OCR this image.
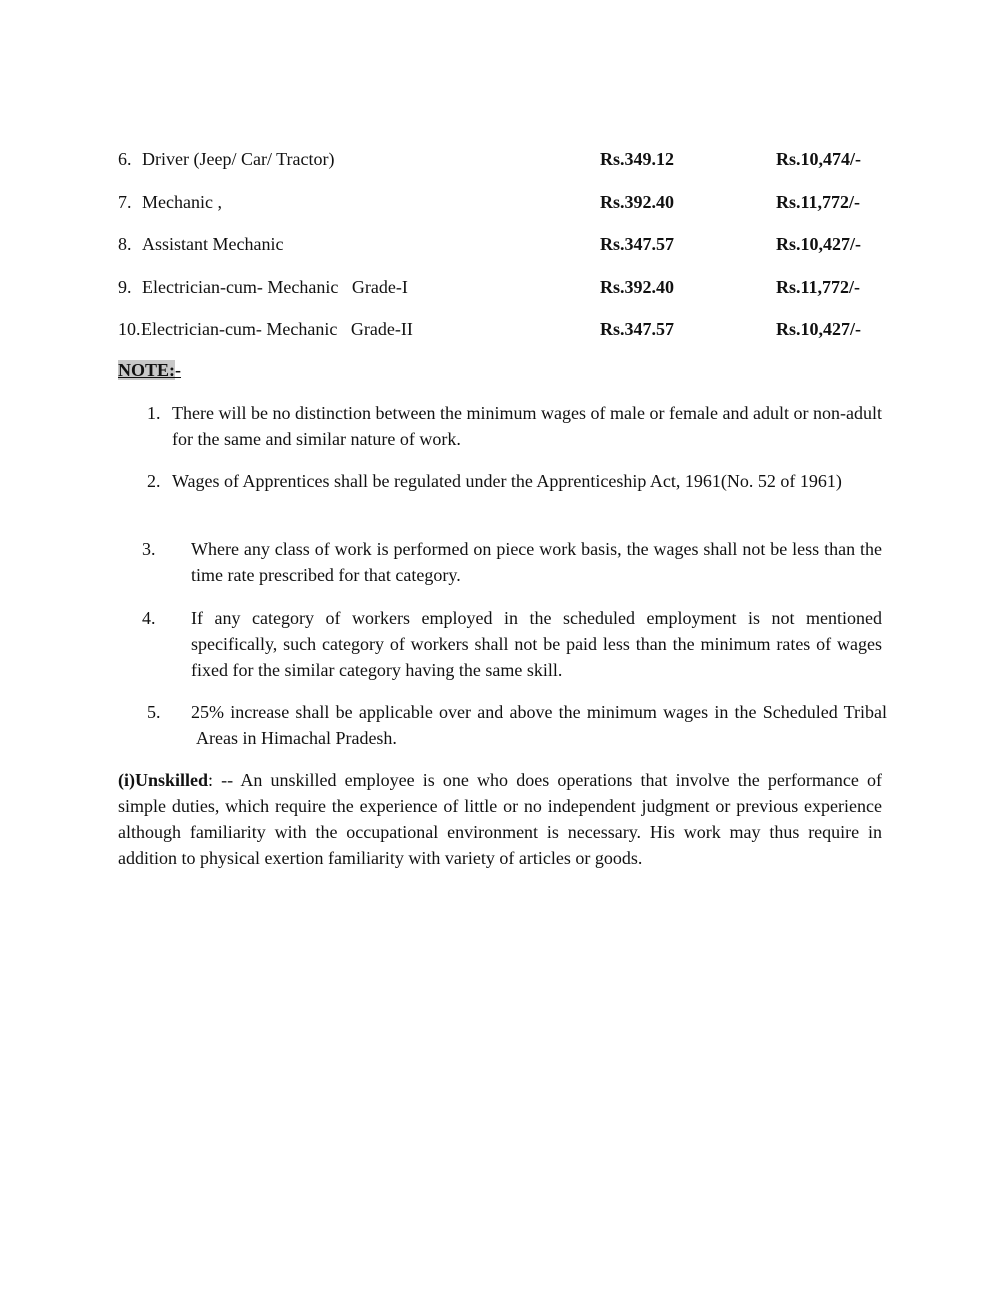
6. Driver (Jeep/ Car/ Tractor)	Rs.349.12	Rs.10,474/-
7. Mechanic ,	Rs.392.40	Rs.11,772/-
8. Assistant Mechanic	Rs.347.57	Rs.10,427/-
9. Electrician-cum- Mechanic   Grade-I	Rs.392.40	Rs.11,772/-
10. Electrician-cum- Mechanic   Grade-II	Rs.347.57	Rs.10,427/-
NOTE:-
1. There will be no distinction between the minimum wages of male or female and adult or non-adult for the same and similar nature of work.
2. Wages of Apprentices shall be regulated under the Apprenticeship Act, 1961(No. 52 of 1961)
3. Where any class of work is performed on piece work basis, the wages shall not be less than the time rate prescribed for that category.
4. If any category of workers employed in the scheduled employment is not mentioned specifically, such category of workers shall not be paid less than the minimum rates of wages fixed for the similar category having the same skill.
5. 25% increase shall be applicable over and above the minimum wages in the Scheduled Tribal Areas in Himachal Pradesh.
(i)Unskilled: -- An unskilled employee is one who does operations that involve the performance of simple duties, which require the experience of little or no independent judgment or previous experience although familiarity with the occupational environment is necessary. His work may thus require in addition to physical exertion familiarity with variety of articles or goods.
